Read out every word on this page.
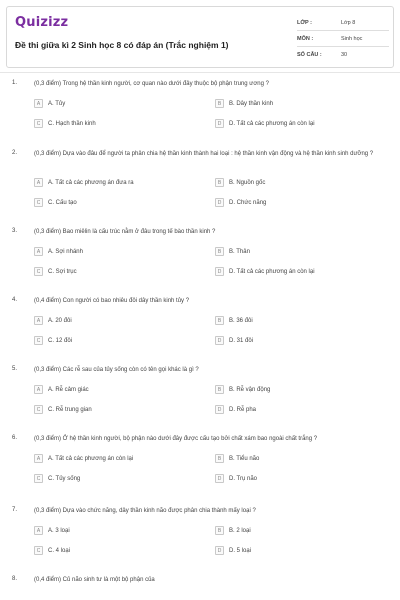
Quizizz
Đề thi giữa kì 2 Sinh học 8 có đáp án (Trắc nghiệm 1)
LỚP :	Lớp 8
MÔN :	Sinh học
SỐ CÂU :	30
1.	(0,3 điểm) Trong hệ thần kinh người, cơ quan nào dưới đây thuộc bộ phận trung ương ?
A	A. Tủy	B	B. Dây thần kinh
C	C. Hạch thần kinh	D	D. Tất cả các phương án còn lại
2.	(0,3 điểm) Dựa vào đâu để người ta phân chia hệ thần kinh thành hai loại : hệ thần kinh vận động và hệ thần kinh sinh dưỡng ?
A	A. Tất cả các phương án đưa ra	B	B. Nguồn gốc
C	C. Cấu tạo	D	D. Chức năng
3.	(0,3 điểm) Bao miêlin là cấu trúc nằm ở đâu trong tế bào thần kinh ?
A	A. Sợi nhánh	B	B. Thân
C	C. Sợi trục	D	D. Tất cả các phương án còn lại
4.	(0,4 điểm) Con người có bao nhiêu đôi dây thần kinh tủy ?
A	A. 20 đôi	B	B. 36 đôi
C	C. 12 đôi	D	D. 31 đôi
5.	(0,3 điểm) Các rễ sau của tủy sống còn có tên gọi khác là gì ?
A	A. Rễ cảm giác	B	B. Rễ vận động
C	C. Rễ trung gian	D	D. Rễ pha
6.	(0,3 điểm) Ở hệ thần kinh người, bộ phận nào dưới đây được cấu tạo bởi chất xám bao ngoài chất trắng ?
A	A. Tất cả các phương án còn lại	B	B. Tiểu não
C	C. Tủy sống	D	D. Trụ não
7.	(0,3 điểm) Dựa vào chức năng, dây thần kinh não được phân chia thành mấy loại ?
A	A. 3 loại	B	B. 2 loại
C	C. 4 loại	D	D. 5 loại
8.	(0,4 điểm) Củ não sinh tư là một bộ phận của
